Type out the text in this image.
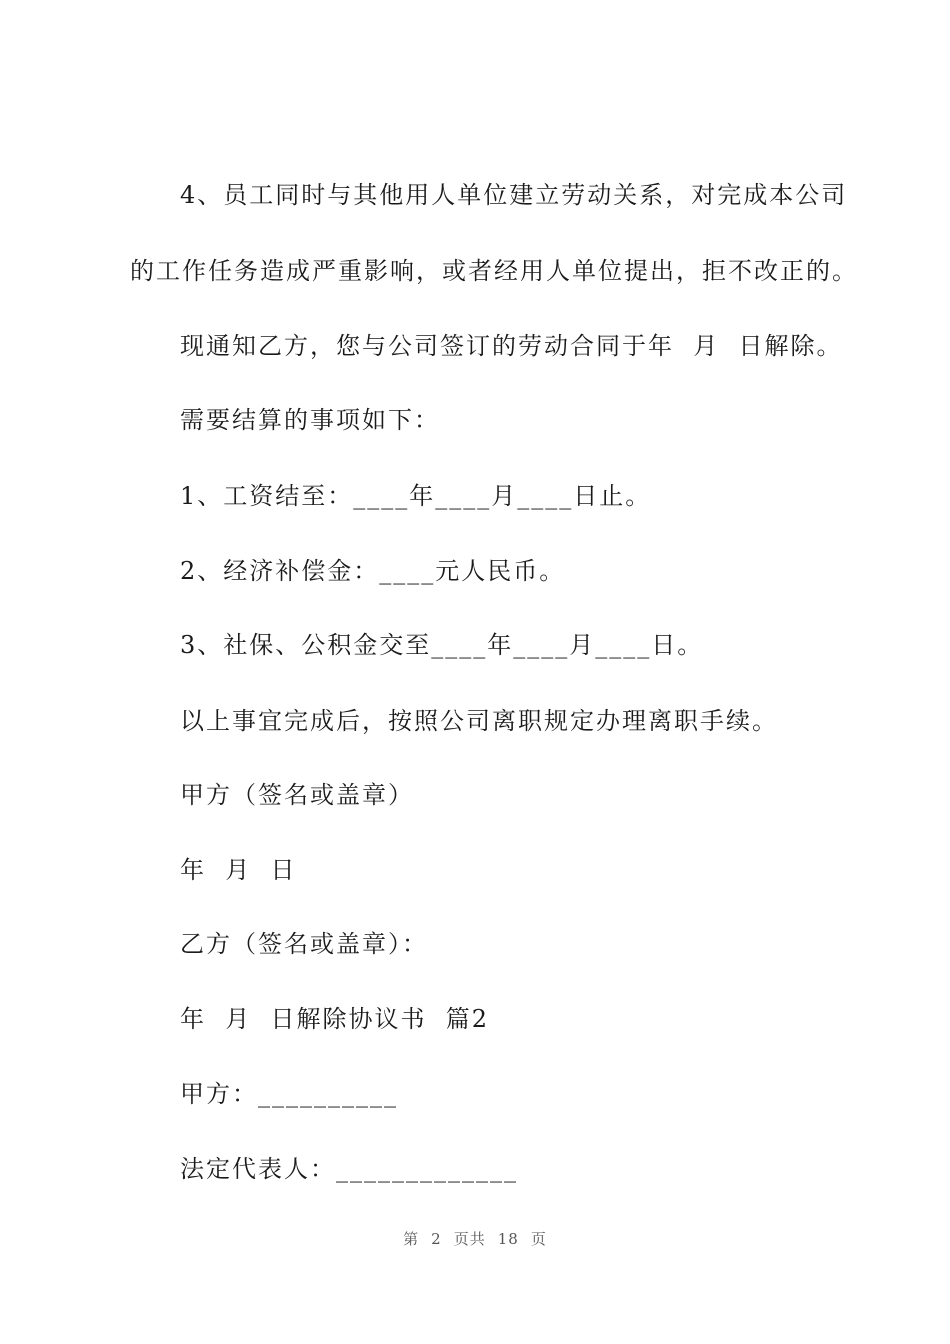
4、员工同时与其他用人单位建立劳动关系，对完成本公司
的工作任务造成严重影响，或者经用人单位提出，拒不改正的。
现通知乙方，您与公司签订的劳动合同于年  月  日解除。
需要结算的事项如下：
1、工资结至：____年____月____日止。
2、经济补偿金：____元人民币。
3、社保、公积金交至____年____月____日。
以上事宜完成后，按照公司离职规定办理离职手续。
甲方（签名或盖章）
年  月  日
乙方（签名或盖章）：
年  月  日解除协议书  篇2
甲方：__________
法定代表人：_____________
第 2 页共 18 页
